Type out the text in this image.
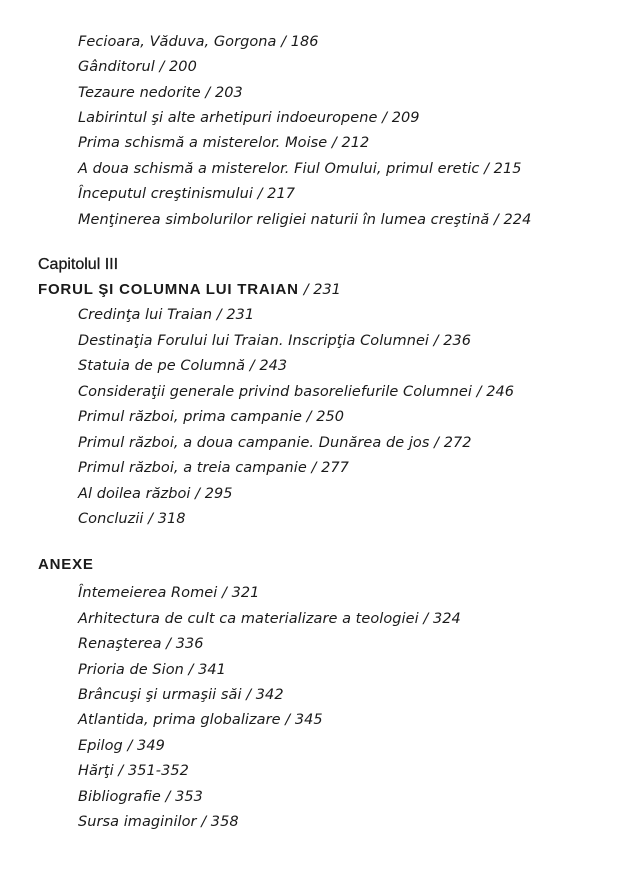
Fecioara, Văduva, Gorgona / 186
Gânditorul / 200
Tezaure nedorite / 203
Labirintul şi alte arhetipuri indoeuropene / 209
Prima schismă a misterelor. Moise / 212
A doua schismă a misterelor. Fiul Omului, primul eretic / 215
Începutul creştinismului / 217
Menţinerea simbolurilor religiei naturii în lumea creştină / 224
Capitolul III
FORUL ŞI COLUMNA LUI TRAIAN / 231
Credinţa lui Traian / 231
Destinaţia Forului lui Traian. Inscripţia Columnei / 236
Statuia de pe Columnă / 243
Consideraţii generale privind basoreliefurile Columnei / 246
Primul război, prima campanie / 250
Primul război, a doua campanie. Dunărea de jos / 272
Primul război, a treia campanie / 277
Al doilea război / 295
Concluzii / 318
ANEXE
Întemeierea Romei / 321
Arhitectura de cult ca materializare a teologiei / 324
Renaşterea / 336
Prioria de Sion / 341
Brâncuşi şi urmaşii săi / 342
Atlantida, prima globalizare / 345
Epilog / 349
Hărţi / 351-352
Bibliografie / 353
Sursa imaginilor / 358
